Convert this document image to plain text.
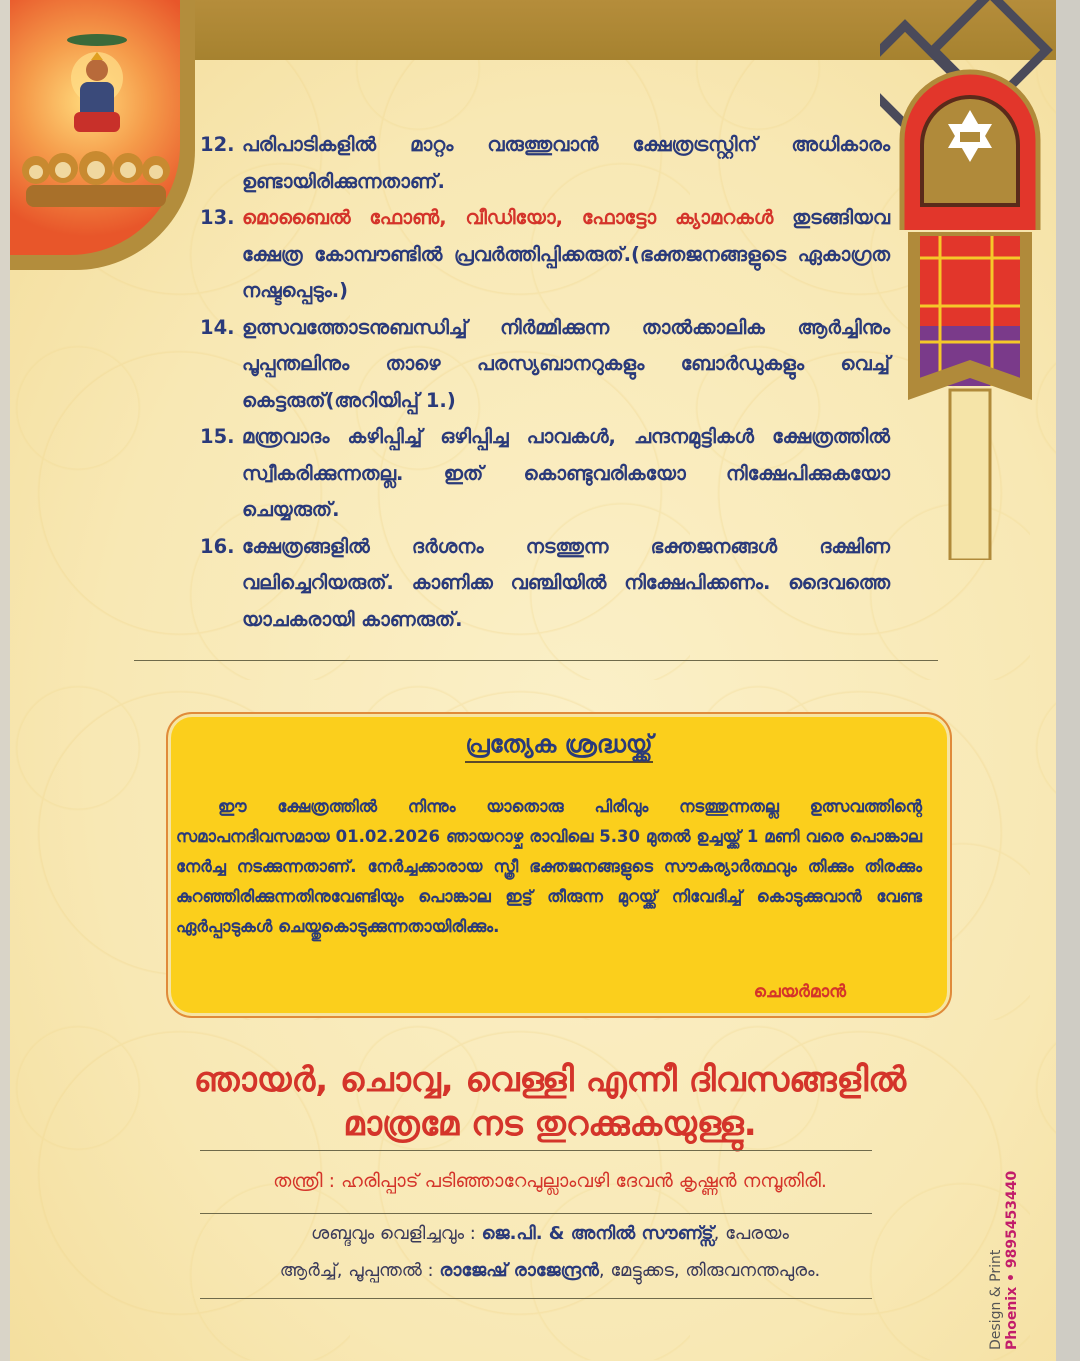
12. പരിപാടികളിൽ മാറ്റം വരുത്തുവാൻ ക്ഷേത്രട്രസ്റ്റിന് അധികാരം ഉണ്ടായിരിക്കുന്നതാണ്.
13. മൊബൈൽ ഫോൺ, വീഡിയോ, ഫോട്ടോ ക്യാമറകൾ തുടങ്ങിയവ ക്ഷേത്ര കോമ്പൗണ്ടിൽ പ്രവർത്തിപ്പിക്കരുത്.(ഭക്തജനങ്ങളുടെ ഏകാഗ്രത നഷ്ടപ്പെടും.)
14. ഉത്സവത്തോടനുബന്ധിച്ച് നിർമ്മിക്കുന്ന താൽക്കാലിക ആർച്ചിനും പൂപ്പന്തലിനും താഴെ പരസ്യബാനറുകളും ബോർഡുകളും വെച്ച് കെട്ടരുത്(അറിയിപ്പ് 1.)
15. മന്ത്രവാദം കഴിപ്പിച്ച് ഒഴിപ്പിച്ച പാവകൾ, ചന്ദനമുട്ടികൾ ക്ഷേത്രത്തിൽ സ്വീകരിക്കുന്നതല്ല. ഇത് കൊണ്ടുവരികയോ നിക്ഷേപിക്കുകയോ ചെയ്യരുത്.
16. ക്ഷേത്രങ്ങളിൽ ദർശനം നടത്തുന്ന ഭക്തജനങ്ങൾ ദക്ഷിണ വലിച്ചെറിയരുത്. കാണിക്ക വഞ്ചിയിൽ നിക്ഷേപിക്കണം. ദൈവത്തെ യാചകരായി കാണരുത്.
പ്രത്യേക ശ്രദ്ധയ്ക്ക്
ഈ ക്ഷേത്രത്തിൽ നിന്നും യാതൊരു പിരിവും നടത്തുന്നതല്ല ഉത്സവത്തിന്റെ സമാപനദിവസമായ 01.02.2026 ഞായറാഴ്ച രാവിലെ 5.30 മുതൽ ഉച്ചയ്ക്ക് 1 മണി വരെ പൊങ്കാല നേർച്ച നടക്കുന്നതാണ്. നേർച്ചക്കാരായ സ്ത്രീ ഭക്തജനങ്ങളുടെ സൗകര്യാർത്ഥവും തിക്കും തിരക്കും കുറഞ്ഞിരിക്കുന്നതിനുവേണ്ടിയും പൊങ്കാല ഇട്ട് തീരുന്ന മുറയ്ക്ക് നിവേദിച്ച് കൊടുക്കുവാൻ വേണ്ട ഏർപ്പാടുകൾ ചെയ്തുകൊടുക്കുന്നതായിരിക്കും.
ചെയർമാൻ
ഞായർ, ചൊവ്വ, വെള്ളി എന്നീ ദിവസങ്ങളിൽ
മാത്രമേ നട തുറക്കുകയുള്ളു.
തന്ത്രി : ഹരിപ്പാട് പടിഞ്ഞാറേപുല്ലാംവഴി ദേവൻ കൃഷ്ണൻ നമ്പൂതിരി.
ശബ്ദവും വെളിച്ചവും : ജെ.പി. & അനിൽ സൗണ്ട്സ്, പേരയം
ആർച്ച്, പൂപ്പന്തൽ : രാജേഷ് രാജേന്ദ്രൻ, മേട്ടുക്കട, തിരുവനന്തപുരം.	Design & Print Phoenix • 9895453440
